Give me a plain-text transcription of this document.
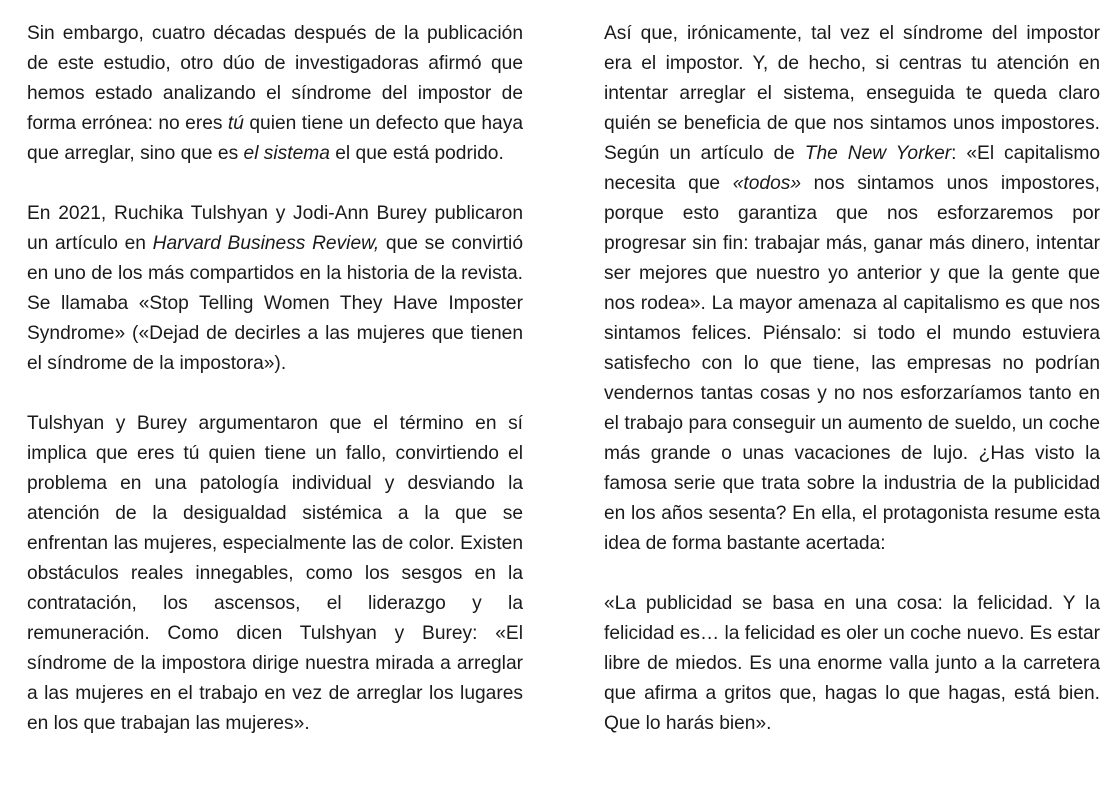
Sin embargo, cuatro décadas después de la publicación de este estudio, otro dúo de investigadoras afirmó que hemos estado analizando el síndrome del impostor de forma errónea: no eres tú quien tiene un defecto que haya que arreglar, sino que es el sistema el que está podrido.

En 2021, Ruchika Tulshyan y Jodi-Ann Burey publicaron un artículo en Harvard Business Review, que se convirtió en uno de los más compartidos en la historia de la revista. Se llamaba «Stop Telling Women They Have Imposter Syndrome» («Dejad de decirles a las mujeres que tienen el síndrome de la impostora»).

Tulshyan y Burey argumentaron que el término en sí implica que eres tú quien tiene un fallo, convirtiendo el problema en una patología individual y desviando la atención de la desigualdad sistémica a la que se enfrentan las mujeres, especialmente las de color. Existen obstáculos reales innegables, como los sesgos en la contratación, los ascensos, el liderazgo y la remuneración. Como dicen Tulshyan y Burey: «El síndrome de la impostora dirige nuestra mirada a arreglar a las mujeres en el trabajo en vez de arreglar los lugares en los que trabajan las mujeres».

Así que, irónicamente, tal vez el síndrome del impostor era el impostor. Y, de hecho, si centras tu atención en intentar arreglar el sistema, enseguida te queda claro quién se beneficia de que nos sintamos unos impostores. Según un artículo de The New Yorker: «El capitalismo necesita que «todos» nos sintamos unos impostores, porque esto garantiza que nos esforzaremos por progresar sin fin: trabajar más, ganar más dinero, intentar ser mejores que nuestro yo anterior y que la gente que nos rodea». La mayor amenaza al capitalismo es que nos sintamos felices. Piénsalo: si todo el mundo estuviera satisfecho con lo que tiene, las empresas no podrían vendernos tantas cosas y no nos esforzaríamos tanto en el trabajo para conseguir un aumento de sueldo, un coche más grande o unas vacaciones de lujo. ¿Has visto la famosa serie que trata sobre la industria de la publicidad en los años sesenta? En ella, el protagonista resume esta idea de forma bastante acertada:

«La publicidad se basa en una cosa: la felicidad. Y la felicidad es… la felicidad es oler un coche nuevo. Es estar libre de miedos. Es una enorme valla junto a la carretera que afirma a gritos que, hagas lo que hagas, está bien. Que lo harás bien».
